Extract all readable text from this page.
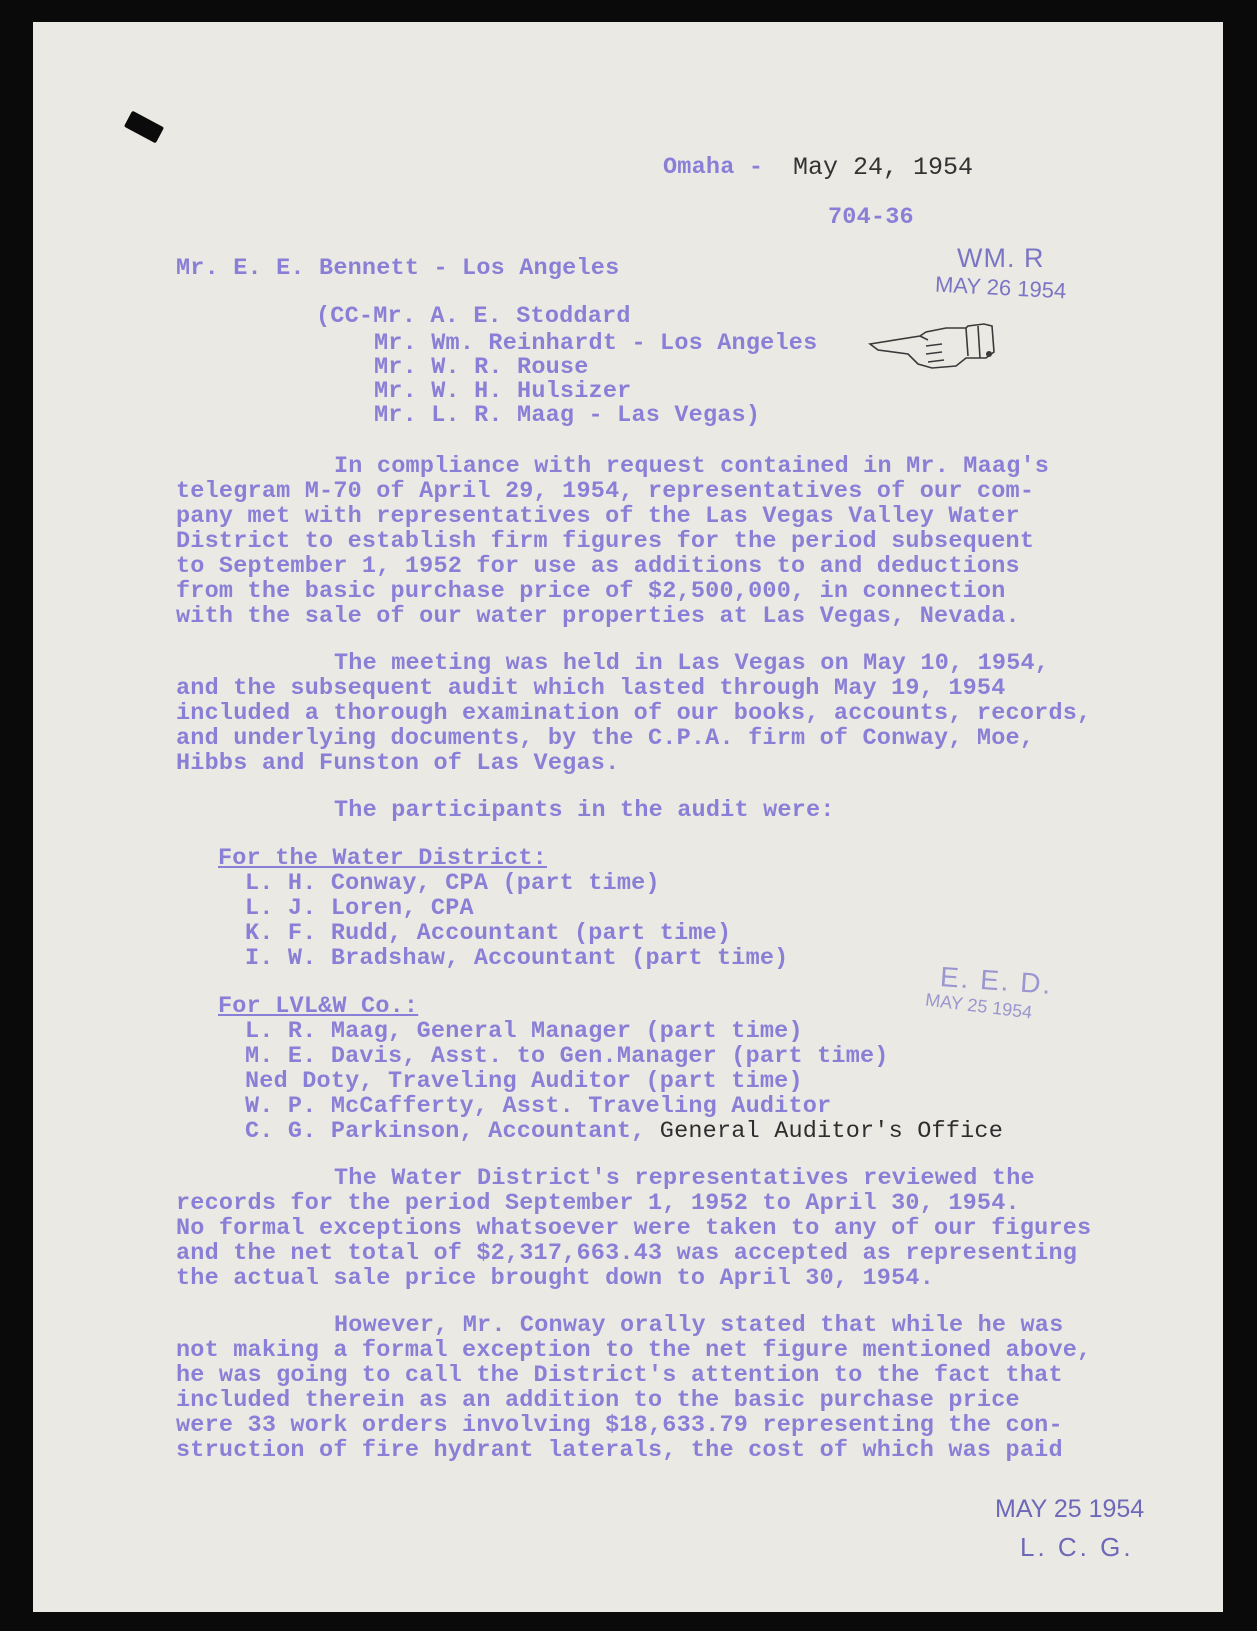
Omaha - May 24, 1954
704-36
Mr. E. E. Bennett - Los Angeles
(CC-Mr. A. E. Stoddard
Mr. Wm. Reinhardt - Los Angeles
Mr. W. R. Rouse
Mr. W. H. Hulsizer
Mr. L. R. Maag - Las Vegas)
WM. R
MAY 26 1954
In compliance with request contained in Mr. Maag's
telegram M-70 of April 29, 1954, representatives of our com-
pany met with representatives of the Las Vegas Valley Water
District to establish firm figures for the period subsequent
to September 1, 1952 for use as additions to and deductions
from the basic purchase price of $2,500,000, in connection
with the sale of our water properties at Las Vegas, Nevada.
The meeting was held in Las Vegas on May 10, 1954,
and the subsequent audit which lasted through May 19, 1954
included a thorough examination of our books, accounts, records,
and underlying documents, by the C.P.A. firm of Conway, Moe,
Hibbs and Funston of Las Vegas.
The participants in the audit were:
For the Water District:
L. H. Conway, CPA (part time)
L. J. Loren, CPA
K. F. Rudd, Accountant (part time)
I. W. Bradshaw, Accountant (part time)
E. E. D.
MAY 25 1954
For LVL&W Co.:
L. R. Maag, General Manager (part time)
M. E. Davis, Asst. to Gen.Manager (part time)
Ned Doty, Traveling Auditor (part time)
W. P. McCafferty, Asst. Traveling Auditor
C. G. Parkinson, Accountant, General Auditor's Office
The Water District's representatives reviewed the
records for the period September 1, 1952 to April 30, 1954.
No formal exceptions whatsoever were taken to any of our figures
and the net total of $2,317,663.43 was accepted as representing
the actual sale price brought down to April 30, 1954.
However, Mr. Conway orally stated that while he was
not making a formal exception to the net figure mentioned above,
he was going to call the District's attention to the fact that
included therein as an addition to the basic purchase price
were 33 work orders involving $18,633.79 representing the con-
struction of fire hydrant laterals, the cost of which was paid
MAY 25 1954
L. C. G.
